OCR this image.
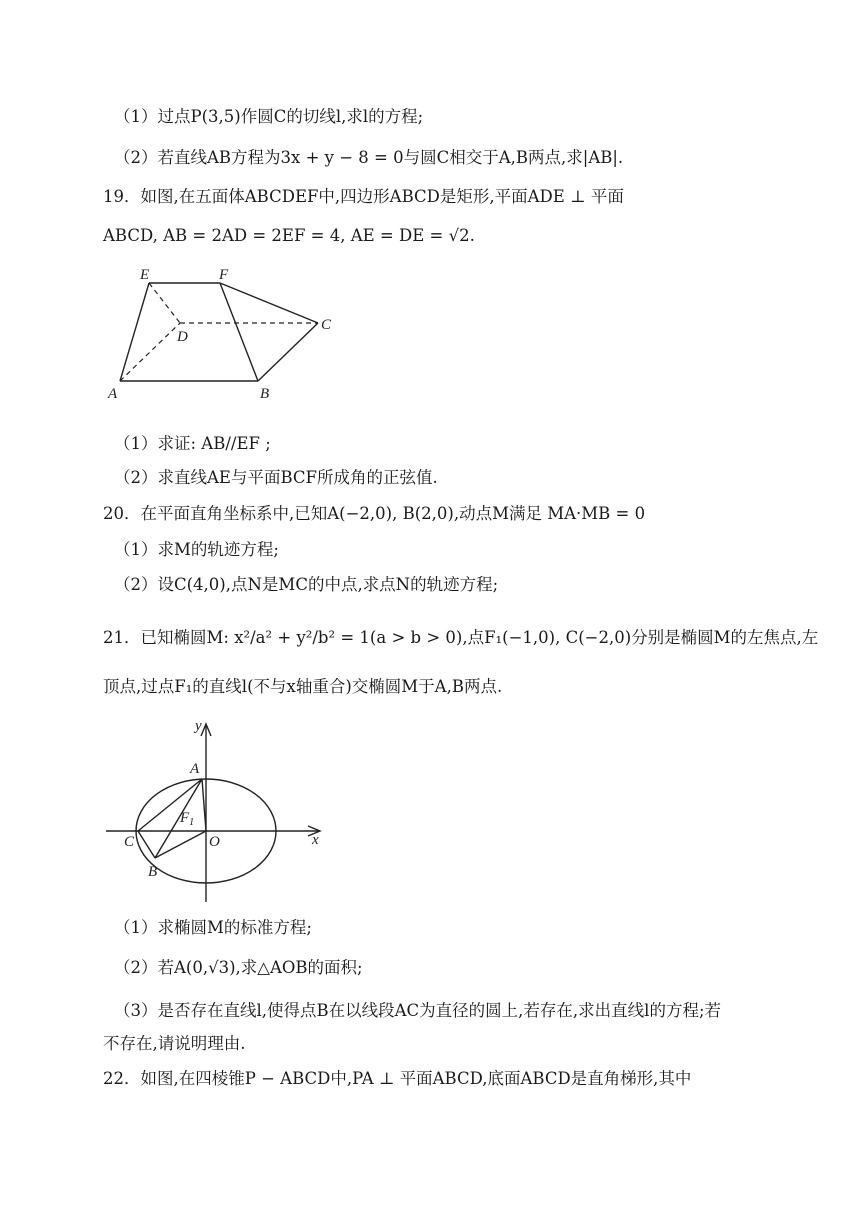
（1）过点P(3,5)作圆C的切线l,求l的方程;
（2）若直线AB方程为3x + y − 8 = 0与圆C相交于A,B两点,求|AB|.
19．如图,在五面体ABCDEF中,四边形ABCD是矩形,平面ADE ⊥ 平面
ABCD, AB = 2AD = 2EF = 4, AE = DE = √2.
E	F
C
D
A	B
（1）求证: AB//EF ;
（2）求直线AE与平面BCF所成角的正弦值.
20．在平面直角坐标系中,已知A(−2,0), B(2,0),动点M满足 MA·MB = 0
（1）求M的轨迹方程;
（2）设C(4,0),点N是MC的中点,求点N的轨迹方程;
21．已知椭圆M: x²/a² + y²/b² = 1(a > b > 0),点F₁(−1,0), C(−2,0)分别是椭圆M的左焦点,左
顶点,过点F₁的直线l(不与x轴重合)交椭圆M于A,B两点.
y
x
A
$F_1$
C	O
B
（1）求椭圆M的标准方程;
（2）若A(0,√3),求△AOB的面积;
（3）是否存在直线l,使得点B在以线段AC为直径的圆上,若存在,求出直线l的方程;若
不存在,请说明理由.
22．如图,在四棱锥P − ABCD中,PA ⊥ 平面ABCD,底面ABCD是直角梯形,其中
